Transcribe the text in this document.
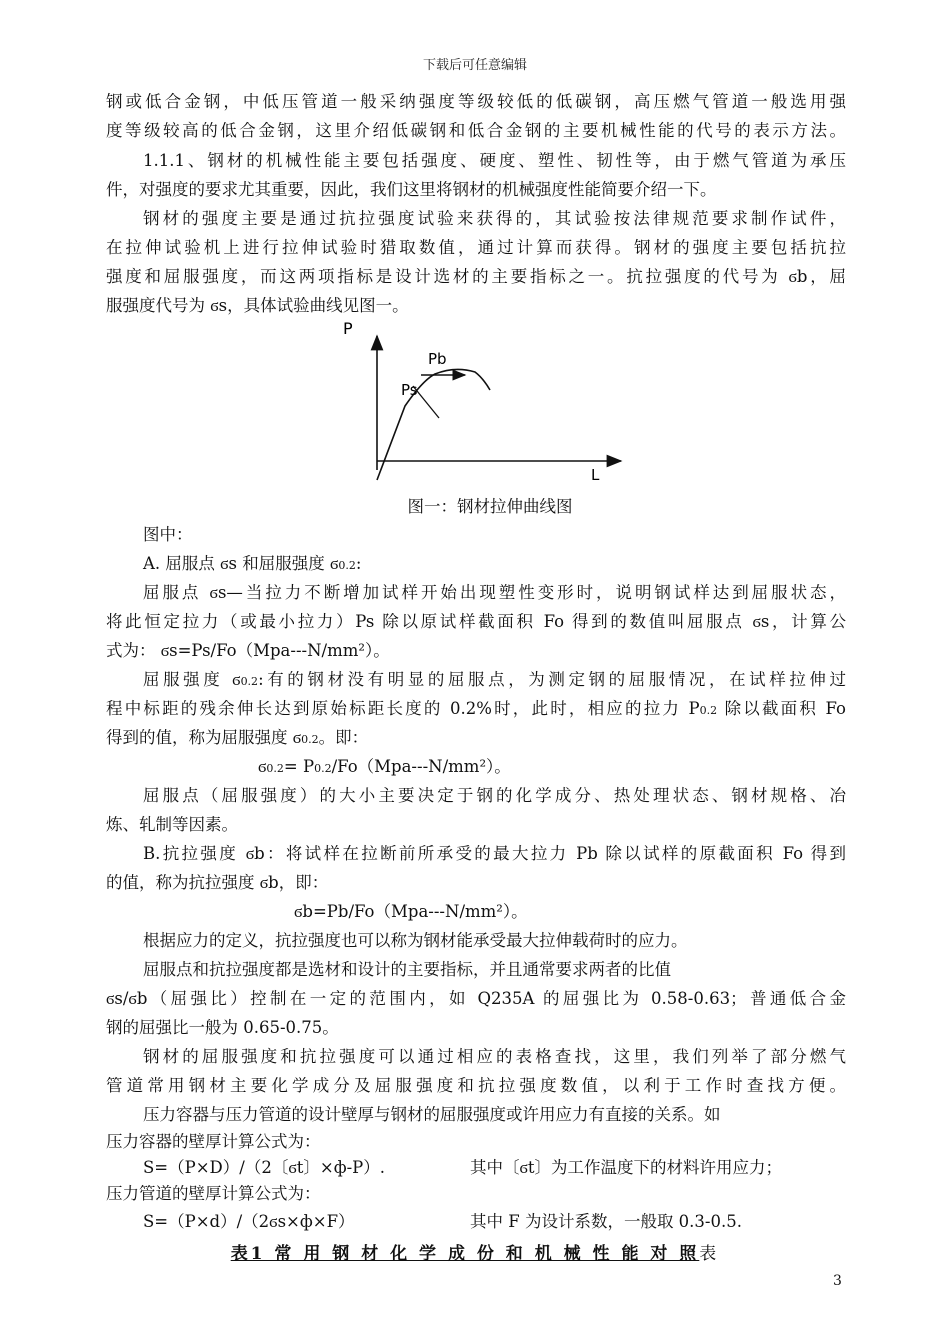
下载后可任意编辑
钢或低合金钢，中低压管道一般采纳强度等级较低的低碳钢，高压燃气管道一般选用强
度等级较高的低合金钢，这里介绍低碳钢和低合金钢的主要机械性能的代号的表示方法。
1.1.1、钢材的机械性能主要包括强度、硬度、塑性、韧性等，由于燃气管道为承压
件，对强度的要求尤其重要，因此，我们这里将钢材的机械强度性能简要介绍一下。
钢材的强度主要是通过抗拉强度试验来获得的，其试验按法律规范要求制作试件，
在拉伸试验机上进行拉伸试验时猎取数值，通过计算而获得。钢材的强度主要包括抗拉
强度和屈服强度，而这两项指标是设计选材的主要指标之一。抗拉强度的代号为 ϭb，屈
服强度代号为 ϭs，具体试验曲线见图一。
P
L
Pb
Ps
图一：钢材拉伸曲线图
图中：
A. 屈服点 ϭs 和屈服强度 ϭ0.2:
屈服点 ϭs—当拉力不断增加试样开始出现塑性变形时，说明钢试样达到屈服状态，
将此恒定拉力（或最小拉力）Ps 除以原试样截面积 Fo 得到的数值叫屈服点 ϭs，计算公
式为： ϭs=Ps/Fo（Mpa---N/mm²）。
屈服强度 ϭ0.2:有的钢材没有明显的屈服点，为测定钢的屈服情况，在试样拉伸过
程中标距的残余伸长达到原始标距长度的 0.2%时，此时，相应的拉力 P0.2 除以截面积 Fo
得到的值，称为屈服强度 ϭ0.2。即：
ϭ0.2= P0.2/Fo（Mpa---N/mm²）。
屈服点（屈服强度）的大小主要决定于钢的化学成分、热处理状态、钢材规格、冶
炼、轧制等因素。
B.抗拉强度 ϭb：将试样在拉断前所承受的最大拉力 Pb 除以试样的原截面积 Fo 得到
的值，称为抗拉强度 ϭb，即：
ϭb=Pb/Fo（Mpa---N/mm²）。
根据应力的定义，抗拉强度也可以称为钢材能承受最大拉伸载荷时的应力。
屈服点和抗拉强度都是选材和设计的主要指标，并且通常要求两者的比值
ϭs/ϭb（屈强比）控制在一定的范围内，如 Q235A 的屈强比为 0.58-0.63；普通低合金
钢的屈强比一般为 0.65-0.75。
钢材的屈服强度和抗拉强度可以通过相应的表格查找，这里，我们列举了部分燃气
管道常用钢材主要化学成分及屈服强度和抗拉强度数值，以利于工作时查找方便。
压力容器与压力管道的设计壁厚与钢材的屈服强度或许用应力有直接的关系。如
压力容器的壁厚计算公式为：
S=（P×D）/（2〔ϭt〕×ф-P）.	其中〔ϭt〕为工作温度下的材料许用应力；
压力管道的壁厚计算公式为：
S=（P×d）/（2ϭs×ф×F）	其中 F 为设计系数，一般取 0.3-0.5.
表1 常 用 钢 材 化 学 成 份 和 机 械 性 能 对 照表
3
